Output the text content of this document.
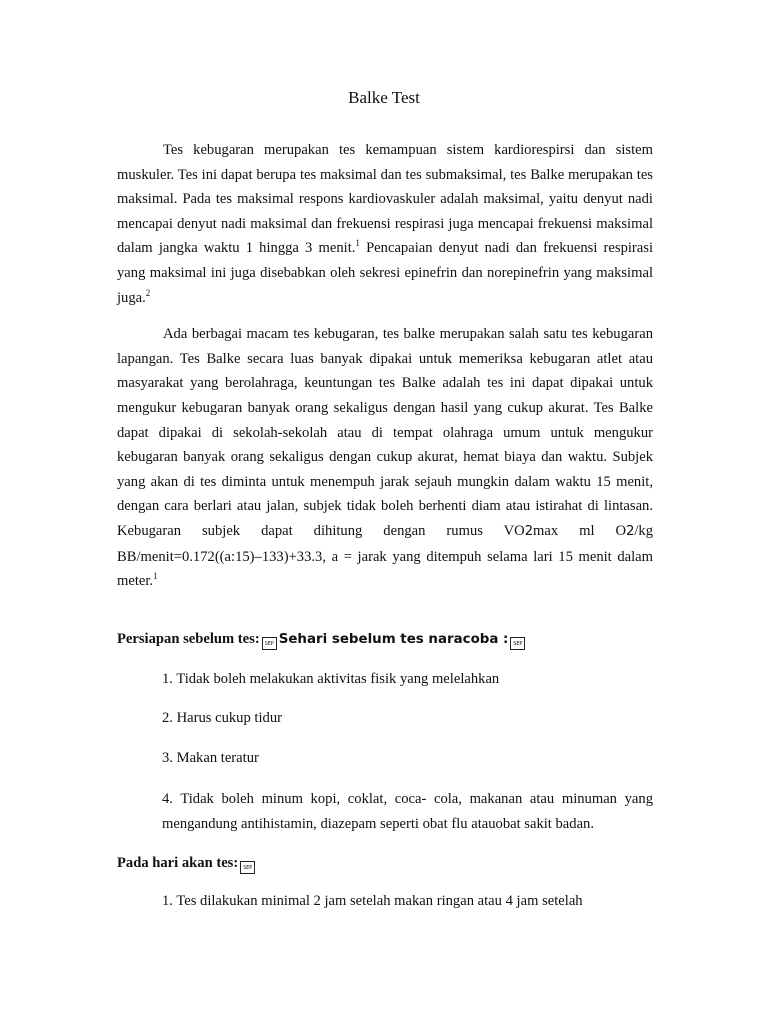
Balke Test

Tes kebugaran merupakan tes kemampuan sistem kardiorespirsi dan sistem muskuler. Tes ini dapat berupa tes maksimal dan tes submaksimal, tes Balke merupakan tes maksimal. Pada tes maksimal respons kardiovaskuler adalah maksimal, yaitu denyut nadi mencapai denyut nadi maksimal dan frekuensi respirasi juga mencapai frekuensi maksimal dalam jangka waktu 1 hingga 3 menit.$^1$ Pencapaian denyut nadi dan frekuensi respirasi yang maksimal ini juga disebabkan oleh sekresi epinefrin dan norepinefrin yang maksimal juga.$^2$

Ada berbagai macam tes kebugaran, tes balke merupakan salah satu tes kebugaran lapangan. Tes Balke secara luas banyak dipakai untuk memeriksa kebugaran atlet atau masyarakat yang berolahraga, keuntungan tes Balke adalah tes ini dapat dipakai untuk mengukur kebugaran banyak orang sekaligus dengan hasil yang cukup akurat. Tes Balke dapat dipakai di sekolah-sekolah atau di tempat olahraga umum untuk mengukur kebugaran banyak orang sekaligus dengan cukup akurat, hemat biaya dan waktu. Subjek yang akan di tes diminta untuk menempuh jarak sejauh mungkin dalam waktu 15 menit, dengan cara berlari atau jalan, subjek tidak boleh berhenti diam atau istirahat di lintasan. Kebugaran subjek dapat dihitung dengan rumus VO2max ml O2/kg BB/menit=0.172((a:15)–133)+33.3, a = jarak yang ditempuh selama lari 15 menit dalam meter.$^1$

Persiapan sebelum tes: SEP Sehari sebelum tes naracoba : SEP

1. Tidak boleh melakukan aktivitas fisik yang melelahkan

2. Harus cukup tidur

3. Makan teratur

4. Tidak boleh minum kopi, coklat, coca- cola, makanan atau minuman yang mengandung antihistamin, diazepam seperti obat flu atauobat sakit badan.

Pada hari akan tes: SEP

1. Tes dilakukan minimal 2 jam setelah makan ringan atau 4 jam setelah
